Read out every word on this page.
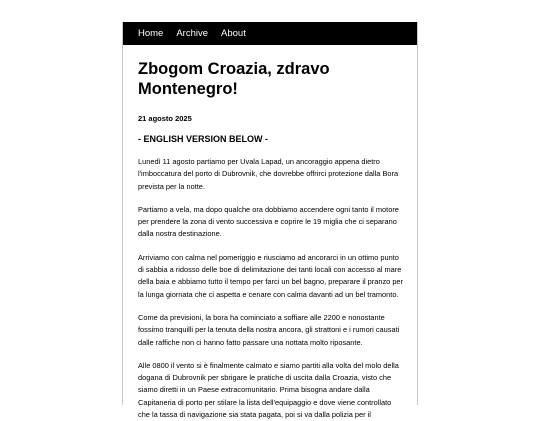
Home Archive About
Zbogom Croazia, zdravo Montenegro!

21 agosto 2025

- ENGLISH VERSION BELOW -

Lunedì 11 agosto partiamo per Uvala Lapad, un ancoraggio appena dietro l'imboccatura del porto di Dubrovnik, che dovrebbe offrirci protezione dalla Bora prevista per la notte.

Partiamo a vela, ma dopo qualche ora dobbiamo accendere ogni tanto il motore per prendere la zona di vento successiva e coprire le 19 miglia che ci separano dalla nostra destinazione.

Arriviamo con calma nel pomeriggio e riusciamo ad ancorarci in un ottimo punto di sabbia a ridosso delle boe di delimitazione dei tanti locali con accesso al mare della baia e abbiamo tutto il tempo per farci un bel bagno, preparare il pranzo per la lunga giornata che ci aspetta e cenare con calma davanti ad un bel tramonto.

Come da previsioni, la bora ha cominciato a soffiare alle 2200 e nonostante fossimo tranquilli per la tenuta della nostra ancora, gli strattoni e i rumori causati dalle raffiche non ci hanno fatto passare una nottata molto riposante.

Alle 0800 il vento si è finalmente calmato e siamo partiti alla volta del molo della dogana di Dubrovnik per sbrigare le pratiche di uscita dalla Croazia, visto che siamo diretti in un Paese extracomunitario. Prima bisogna andare dalla Capitaneria di porto per stilare la lista dell'equipaggio e dove viene controllato che la tassa di navigazione sia stata pagata, poi si va dalla polizia per il
